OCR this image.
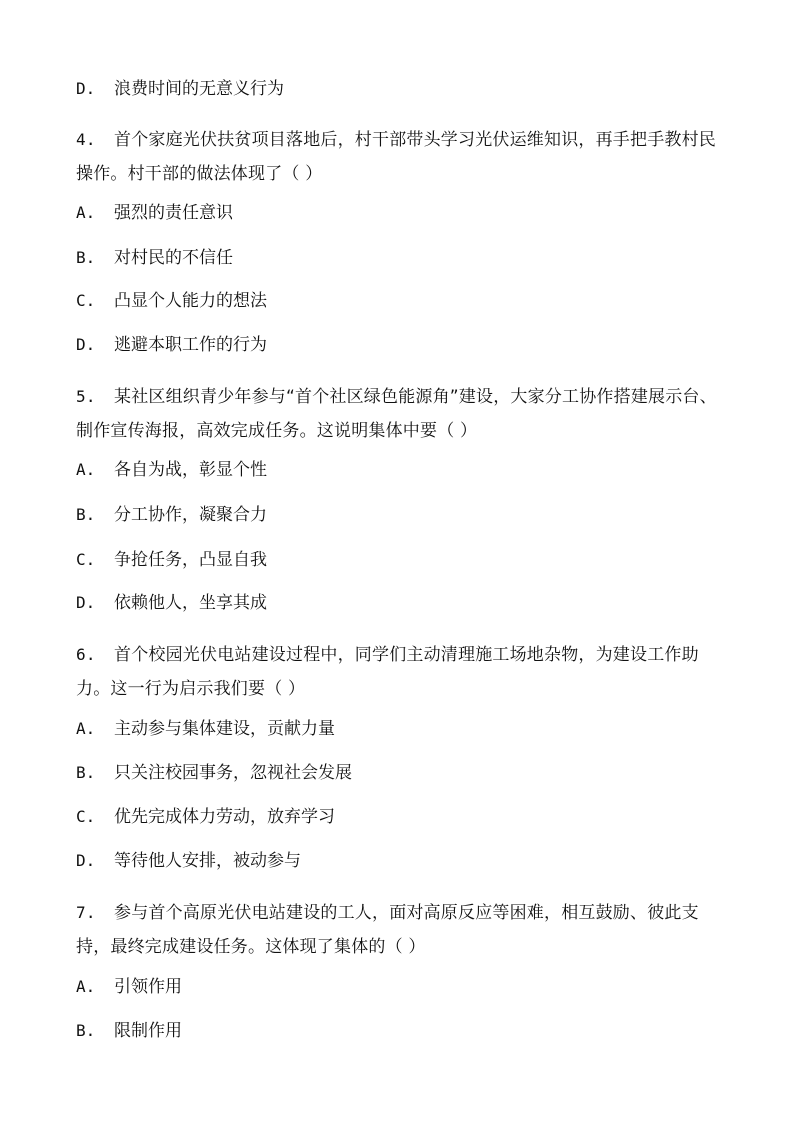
D. 浪费时间的无意义行为
4. 首个家庭光伏扶贫项目落地后，村干部带头学习光伏运维知识，再手把手教村民操作。村干部的做法体现了（ ）
A. 强烈的责任意识
B. 对村民的不信任
C. 凸显个人能力的想法
D. 逃避本职工作的行为
5. 某社区组织青少年参与“首个社区绿色能源角”建设，大家分工协作搭建展示台、制作宣传海报，高效完成任务。这说明集体中要（ ）
A. 各自为战，彰显个性
B. 分工协作，凝聚合力
C. 争抢任务，凸显自我
D. 依赖他人，坐享其成
6. 首个校园光伏电站建设过程中，同学们主动清理施工场地杂物，为建设工作助力。这一行为启示我们要（ ）
A. 主动参与集体建设，贡献力量
B. 只关注校园事务，忽视社会发展
C. 优先完成体力劳动，放弃学习
D. 等待他人安排，被动参与
7. 参与首个高原光伏电站建设的工人，面对高原反应等困难，相互鼓励、彼此支持，最终完成建设任务。这体现了集体的（ ）
A. 引领作用
B. 限制作用
